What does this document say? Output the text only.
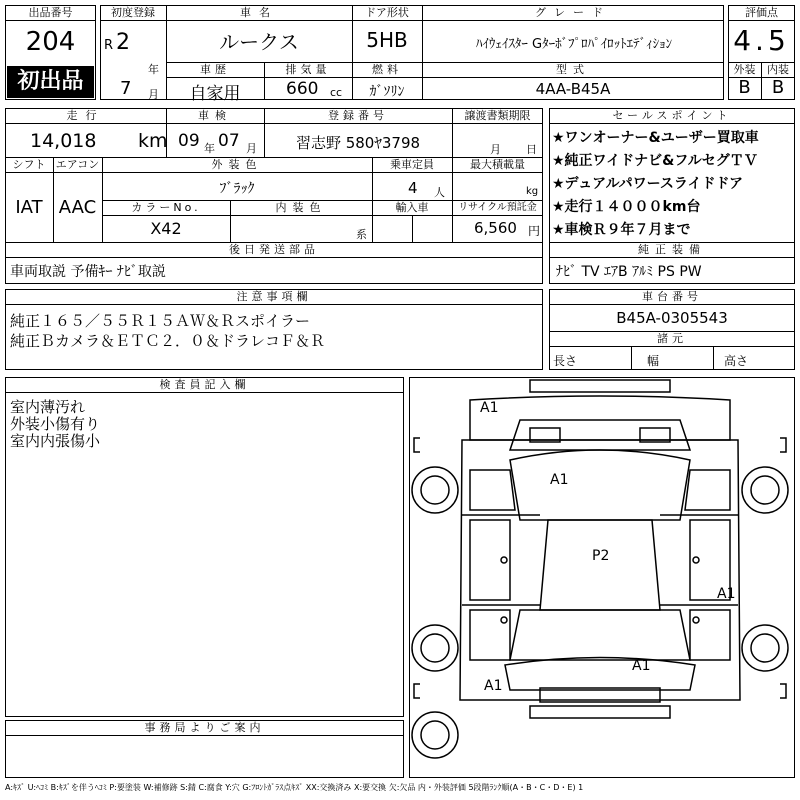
出品番号
204
初出品
初度登録
R 2
年
7 月
車名
ルークス
ドア形状
5HB
グレード
ﾊｲｳｪｲｽﾀｰ Gﾀｰﾎﾞﾌﾟﾛﾊﾟｲﾛｯﾄｴﾃﾞｨｼｮﾝ
車歴
自家用
排気量
660 cc
燃料
ｶﾞｿﾘﾝ
型式
4AA-B45A
評価点
4.5
外装	内装
B	B
走行
14,018 km
車検
09 年 07 月
登録番号
習志野 580ﾔ3798
譲渡書類期限
月 日
シフト
IAT
エアコン
AAC
外装色
ﾌﾞﾗｯｸ
乗車定員
4 人
最大積載量
kg
カラーNo.
X42
内装色
系
輸入車	リサイクル預託金
6,560 円
後日発送部品
車両取説 予備ｷｰ ﾅﾋﾞ取説
セールスポイント
★ワンオーナー&ユーザー買取車
★純正ワイドナビ&フルセグＴＶ
★デュアルパワースライドドア
★走行１４０００km台
★車検Ｒ９年７月まで
純正装備
ﾅﾋﾞ TV ｴｱB ｱﾙﾐ PS PW
注意事項欄
純正１６５／５５Ｒ１５ＡＷ＆Ｒスポイラー
純正Ｂカメラ＆ＥＴＣ２．０＆ドラレコＦ＆Ｒ
車台番号
B45A-0305543
諸元
長さ	幅	高さ
検査員記入欄
室内薄汚れ
外装小傷有り
室内内張傷小
事務局よりご案内
A1
A1
P2
A1
A1
A1
A:ｷｽﾞ U:ﾍｺﾐ B:ｷｽﾞを伴うﾍｺﾐ P:要塗装 W:補修跡 S:錆 C:腐食 Y:穴 G:ﾌﾛﾝﾄｶﾞﾗｽ点ｷｽﾞ XX:交換済み X:要交換 欠:欠品 内・外装評価 5段階ﾗﾝｸ順(A・B・C・D・E) 1
